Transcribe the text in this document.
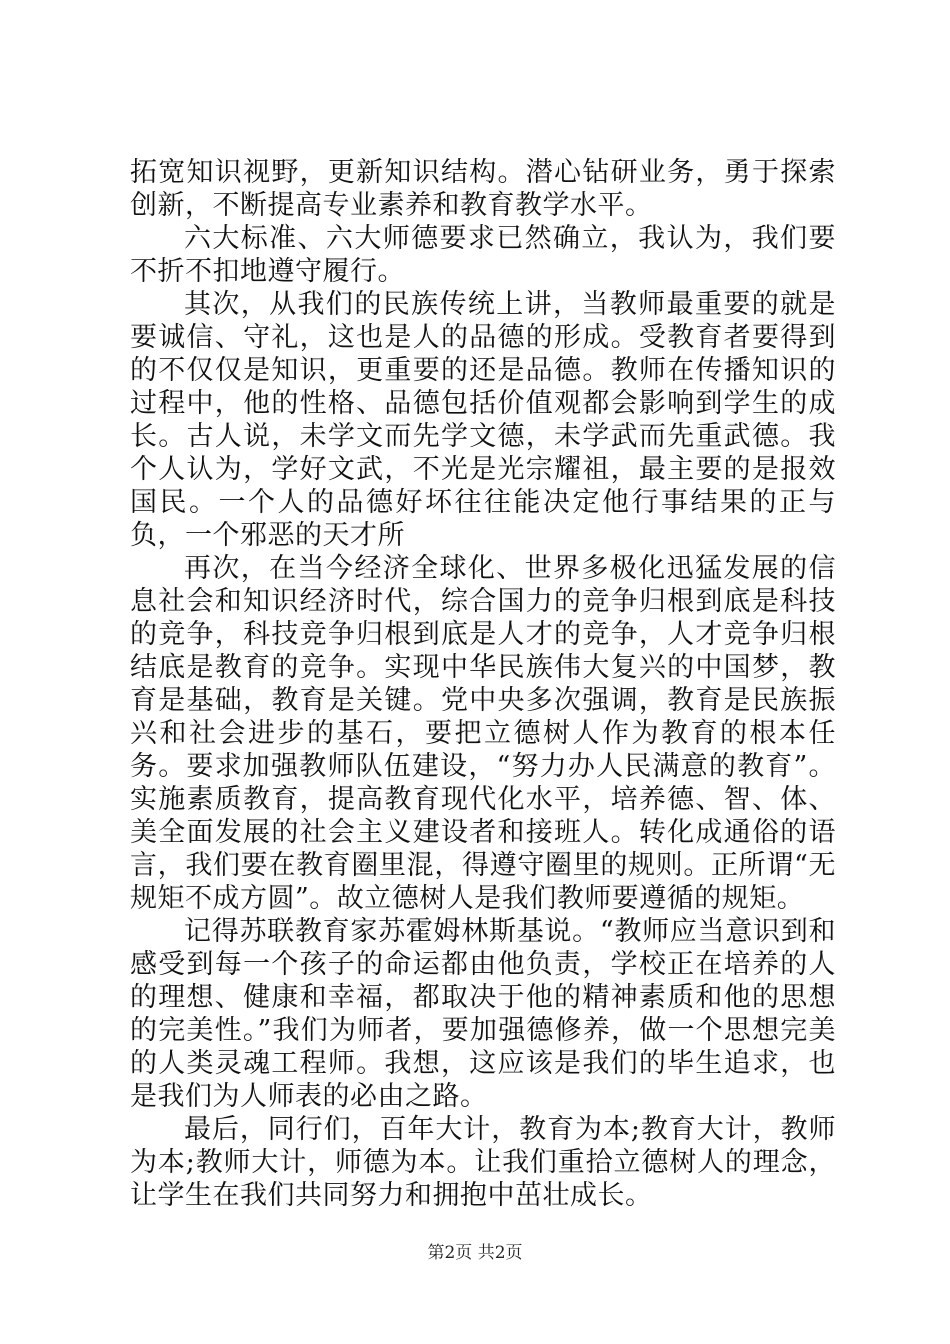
拓宽知识视野，更新知识结构。潜心钻研业务，勇于探索创新，不断提高专业素养和教育教学水平。

六大标准、六大师德要求已然确立，我认为，我们要不折不扣地遵守履行。

其次，从我们的民族传统上讲，当教师最重要的就是要诚信、守礼，这也是人的品德的形成。受教育者要得到的不仅仅是知识，更重要的还是品德。教师在传播知识的过程中，他的性格、品德包括价值观都会影响到学生的成长。古人说，未学文而先学文德，未学武而先重武德。我个人认为，学好文武，不光是光宗耀祖，最主要的是报效国民。一个人的品德好坏往往能决定他行事结果的正与负，一个邪恶的天才所

再次，在当今经济全球化、世界多极化迅猛发展的信息社会和知识经济时代，综合国力的竞争归根到底是科技的竞争，科技竞争归根到底是人才的竞争，人才竞争归根结底是教育的竞争。实现中华民族伟大复兴的中国梦，教育是基础，教育是关键。党中央多次强调，教育是民族振兴和社会进步的基石，要把立德树人作为教育的根本任务。要求加强教师队伍建设，“努力办人民满意的教育”。实施素质教育，提高教育现代化水平，培养德、智、体、美全面发展的社会主义建设者和接班人。转化成通俗的语言，我们要在教育圈里混，得遵守圈里的规则。正所谓“无规矩不成方圆”。故立德树人是我们教师要遵循的规矩。

记得苏联教育家苏霍姆林斯基说。“教师应当意识到和感受到每一个孩子的命运都由他负责，学校正在培养的人的理想、健康和幸福，都取决于他的精神素质和他的思想的完美性。”我们为师者，要加强德修养，做一个思想完美的人类灵魂工程师。我想，这应该是我们的毕生追求，也是我们为人师表的必由之路。

最后，同行们，百年大计，教育为本;教育大计，教师为本;教师大计，师德为本。让我们重拾立德树人的理念，让学生在我们共同努力和拥抱中茁壮成长。

第2页 共2页
